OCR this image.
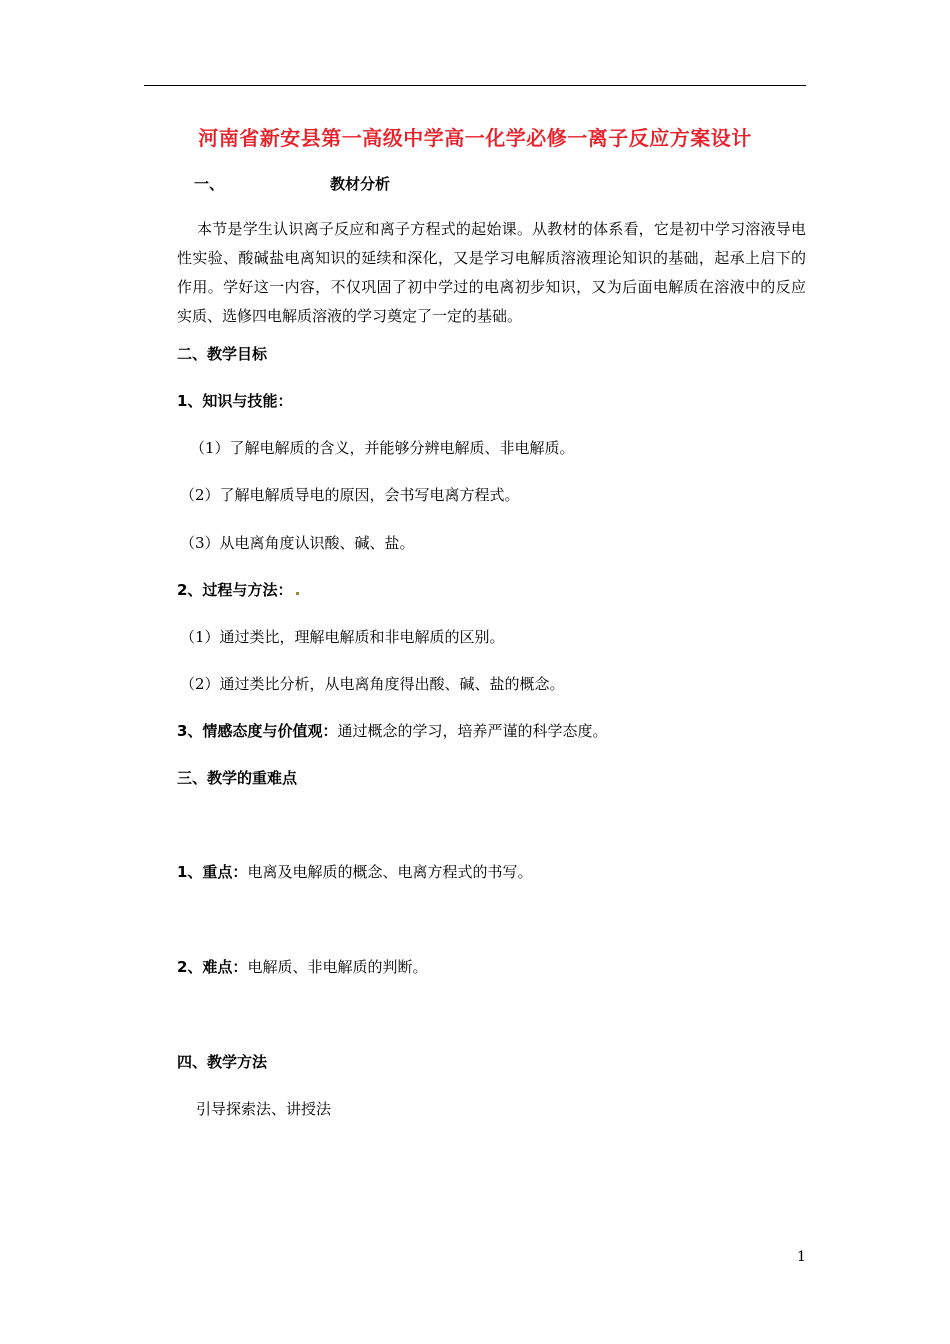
河南省新安县第一高级中学高一化学必修一离子反应方案设计
一、	教材分析
本节是学生认识离子反应和离子方程式的起始课。从教材的体系看，它是初中学习溶液导电性实验、酸碱盐电离知识的延续和深化，又是学习电解质溶液理论知识的基础，起承上启下的作用。学好这一内容，不仅巩固了初中学过的电离初步知识，又为后面电解质在溶液中的反应实质、选修四电解质溶液的学习奠定了一定的基础。
二、教学目标
1、知识与技能：
（1）了解电解质的含义，并能够分辨电解质、非电解质。
（2）了解电解质导电的原因，会书写电离方程式。
（3）从电离角度认识酸、碱、盐。
2、过程与方法：
（1）通过类比，理解电解质和非电解质的区别。
（2）通过类比分析，从电离角度得出酸、碱、盐的概念。
3、情感态度与价值观：通过概念的学习，培养严谨的科学态度。
三、教学的重难点
1、重点：电离及电解质的概念、电离方程式的书写。
2、难点：电解质、非电解质的判断。
四、教学方法
引导探索法、讲授法
1
